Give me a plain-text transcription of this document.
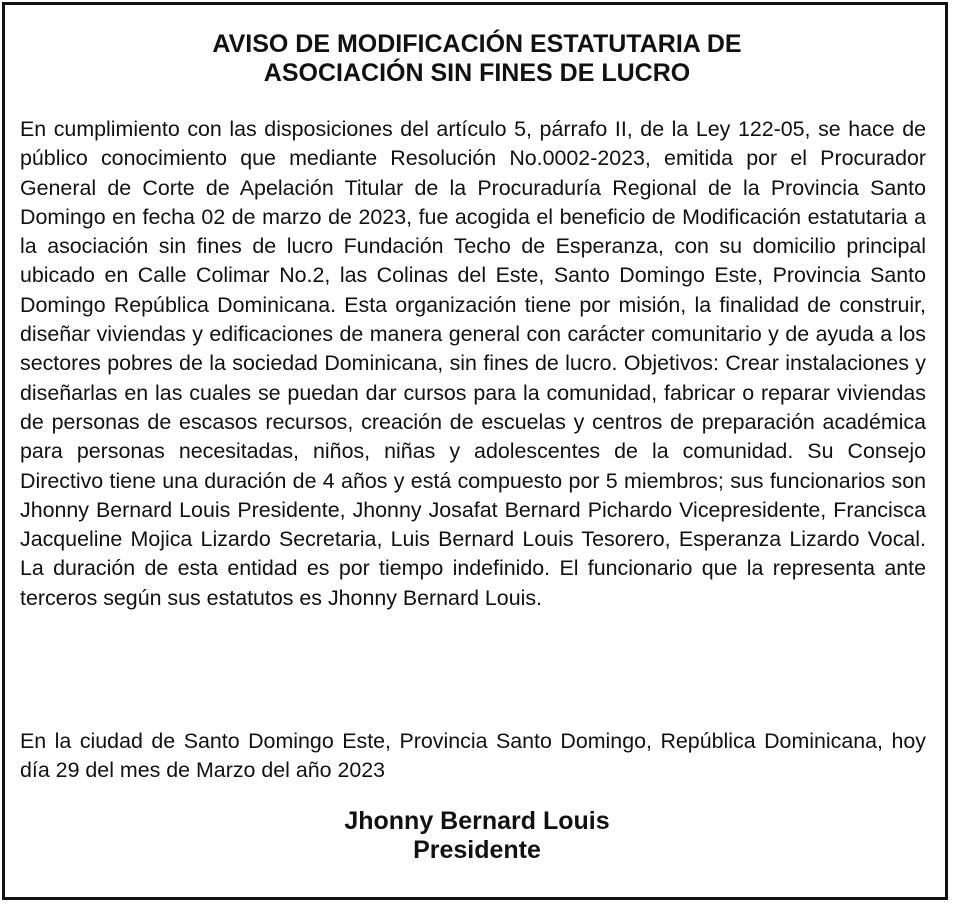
AVISO DE MODIFICACIÓN ESTATUTARIA DE
ASOCIACIÓN SIN FINES DE LUCRO

En cumplimiento con las disposiciones del artículo 5, párrafo II, de la Ley 122-05, se hace de público conocimiento que mediante Resolución No.0002-2023, emitida por el Procurador General de Corte de Apelación Titular de la Procuraduría Regional de la Provincia Santo Domingo en fecha 02 de marzo de 2023, fue acogida el beneficio de Modificación estatutaria a la asociación sin fines de lucro Fundación Techo de Esperanza, con su domicilio principal ubicado en Calle Colimar No.2, las Colinas del Este, Santo Domingo Este, Provincia Santo Domingo República Dominicana. Esta organización tiene por misión, la finalidad de construir, diseñar viviendas y edificaciones de manera general con carácter comunitario y de ayuda a los sectores pobres de la sociedad Dominicana, sin fines de lucro. Objetivos: Crear instalaciones y diseñarlas en las cuales se puedan dar cursos para la comunidad, fabricar o reparar viviendas de personas de escasos recursos, creación de escuelas y centros de preparación académica para personas necesitadas, niños, niñas y adolescentes de la comunidad. Su Consejo Directivo tiene una duración de 4 años y está compuesto por 5 miembros; sus funcionarios son Jhonny Bernard Louis Presidente, Jhonny Josafat Bernard Pichardo Vicepresidente, Francisca Jacqueline Mojica Lizardo Secretaria, Luis Bernard Louis Tesorero, Esperanza Lizardo Vocal. La duración de esta entidad es por tiempo indefinido. El funcionario que la representa ante terceros según sus estatutos es Jhonny Bernard Louis.

En la ciudad de Santo Domingo Este, Provincia Santo Domingo, República Dominicana, hoy día 29 del mes de Marzo del año 2023

Jhonny Bernard Louis
Presidente
